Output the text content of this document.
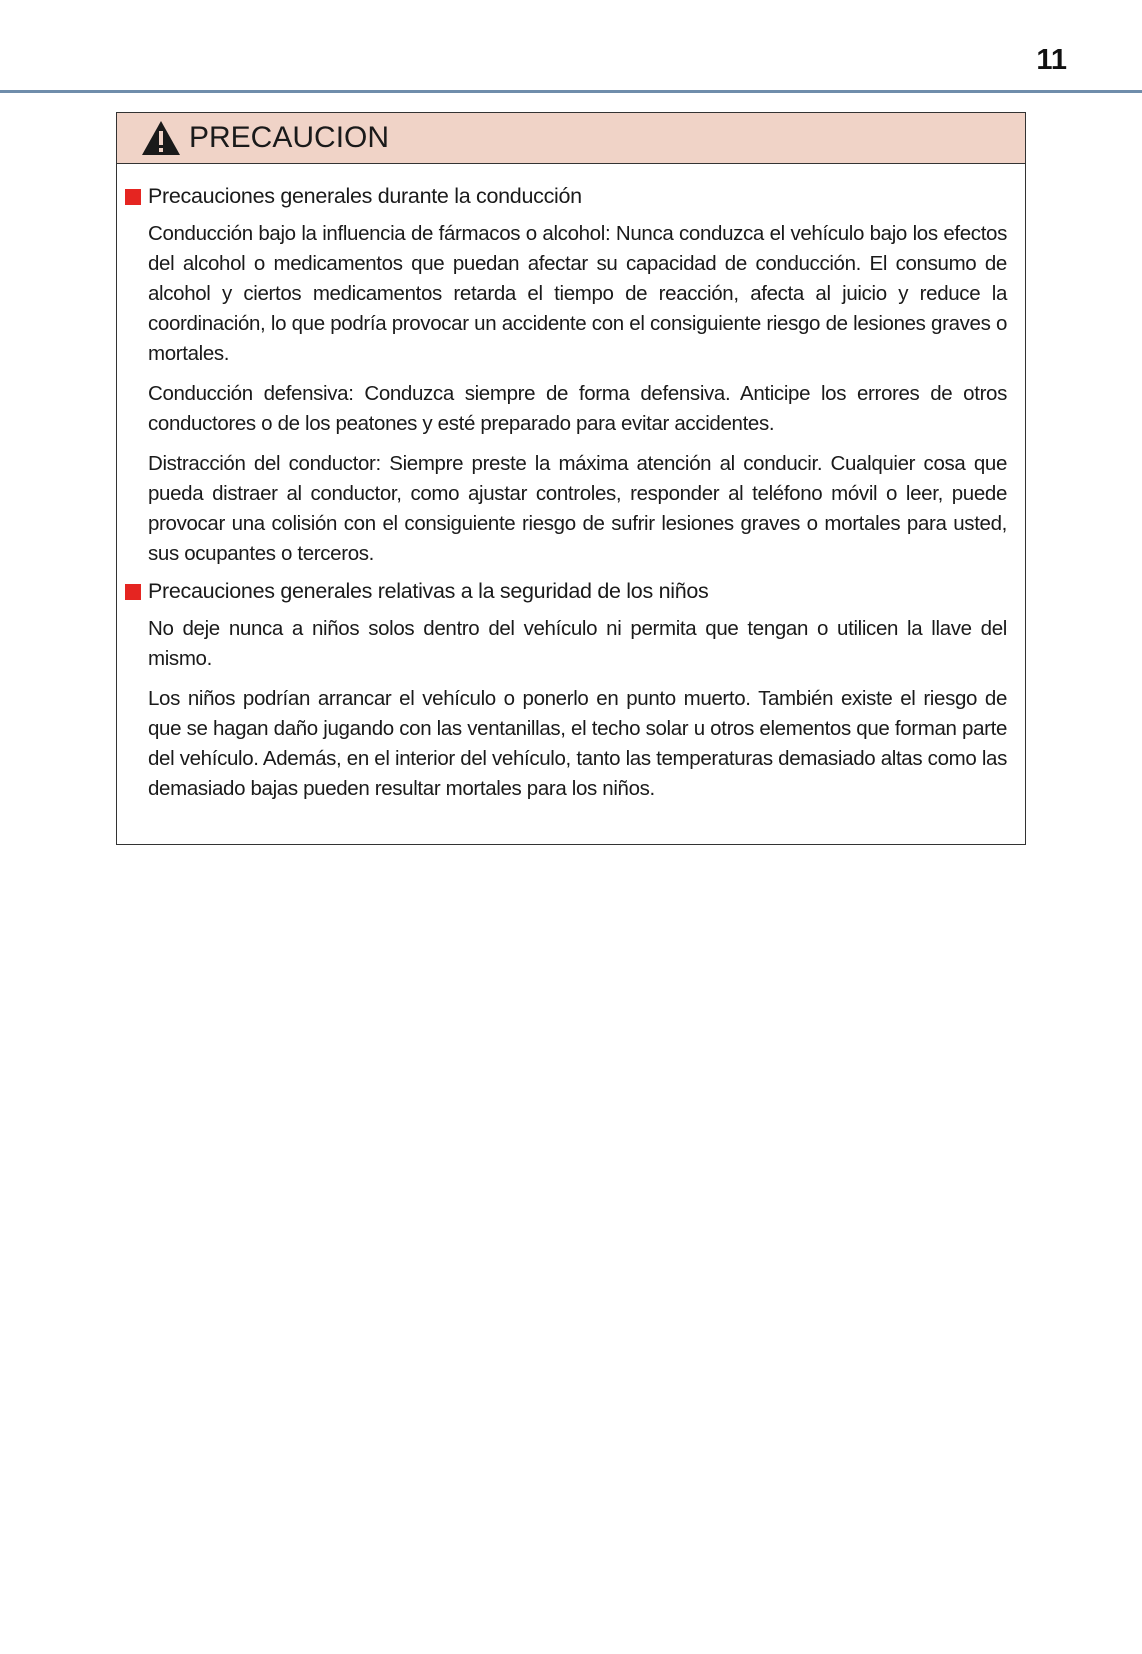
11
PRECAUCION
Precauciones generales durante la conducción

Conducción bajo la influencia de fármacos o alcohol: Nunca conduzca el vehículo bajo los efectos del alcohol o medicamentos que puedan afectar su capacidad de conducción. El consumo de alcohol y ciertos medicamentos retarda el tiempo de reacción, afecta al juicio y reduce la coordinación, lo que podría provocar un accidente con el consiguiente riesgo de lesiones graves o mortales.

Conducción defensiva: Conduzca siempre de forma defensiva. Anticipe los errores de otros conductores o de los peatones y esté preparado para evitar accidentes.

Distracción del conductor: Siempre preste la máxima atención al conducir. Cualquier cosa que pueda distraer al conductor, como ajustar controles, responder al teléfono móvil o leer, puede provocar una colisión con el consiguiente riesgo de sufrir lesiones graves o mortales para usted, sus ocupantes o terceros.

Precauciones generales relativas a la seguridad de los niños

No deje nunca a niños solos dentro del vehículo ni permita que tengan o utilicen la llave del mismo.

Los niños podrían arrancar el vehículo o ponerlo en punto muerto. También existe el riesgo de que se hagan daño jugando con las ventanillas, el techo solar u otros elementos que forman parte del vehículo. Además, en el interior del vehículo, tanto las temperaturas demasiado altas como las demasiado bajas pueden resultar mortales para los niños.
